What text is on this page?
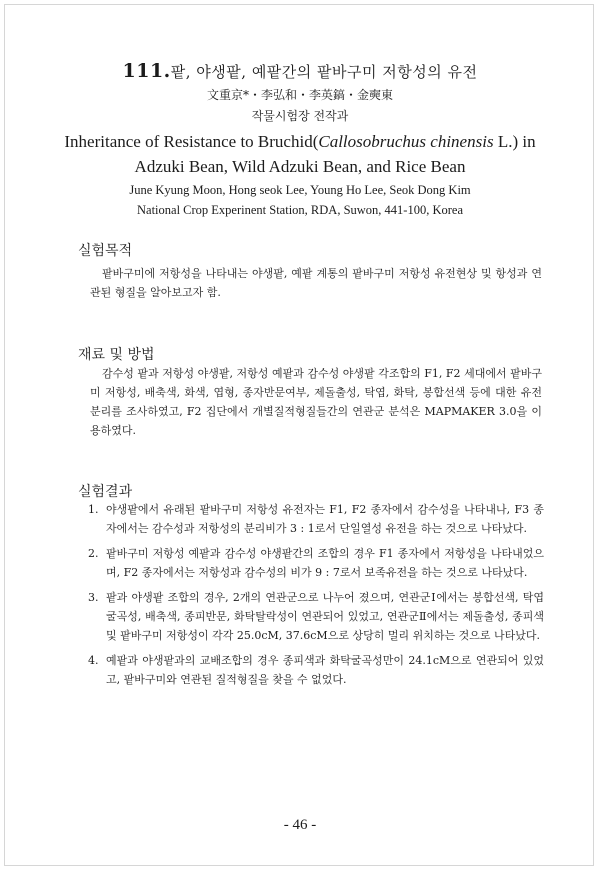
111.팥, 야생팥, 예팥간의 팥바구미 저항성의 유전
文重京*・李弘和・李英鎬・金奭東
작물시험장 전작과
Inheritance of Resistance to Bruchid(Callosobruchus chinensis L.) in
Adzuki Bean, Wild Adzuki Bean, and Rice Bean
June Kyung Moon, Hong seok Lee, Young Ho Lee, Seok Dong Kim
National Crop Experinent Station, RDA, Suwon, 441-100, Korea
실험목적

팥바구미에 저항성을 나타내는 야생팥, 예팥 계통의 팥바구미 저항성 유전현상 및 항성과 연관된 형질을 알아보고자 함.

재료 및 방법

감수성 팥과 저항성 야생팥, 저항성 예팥과 감수성 야생팥 각조합의 F1, F2 세대에서 팥바구미 저항성, 배축색, 화색, 엽형, 종자반문여부, 제돌출성, 탁엽, 화탁, 봉합선색 등에 대한 유전분리를 조사하였고, F2 집단에서 개별질적형질들간의 연관군 분석은 MAPMAKER 3.0을 이용하였다.

실험결과
1. 야생팥에서 유래된 팥바구미 저항성 유전자는 F1, F2 종자에서 감수성을 나타내나, F3 종자에서는 감수성과 저항성의 분리비가 3 : 1로서 단일열성 유전을 하는 것으로 나타났다.
2. 팥바구미 저항성 예팥과 감수성 야생팥간의 조합의 경우 F1 종자에서 저항성을 나타내었으며, F2 종자에서는 저항성과 감수성의 비가 9 : 7로서 보족유전을 하는 것으로 나타났다.
3. 팥과 야생팥 조합의 경우, 2개의 연관군으로 나누어 졌으며, 연관군Ⅰ에서는 봉합선색, 탁엽굴곡성, 배축색, 종피반문, 화탁탈락성이 연관되어 있었고, 연관군Ⅱ에서는 제돌출성, 종피색 및 팥바구미 저항성이 각각 25.0cM, 37.6cM으로 상당히 멀리 위치하는 것으로 나타났다.
4. 예팥과 야생팥과의 교배조합의 경우 종피색과 화탁굴곡성만이 24.1cM으로 연관되어 있었고, 팥바구미와 연관된 질적형질을 찾을 수 없었다.
- 46 -
